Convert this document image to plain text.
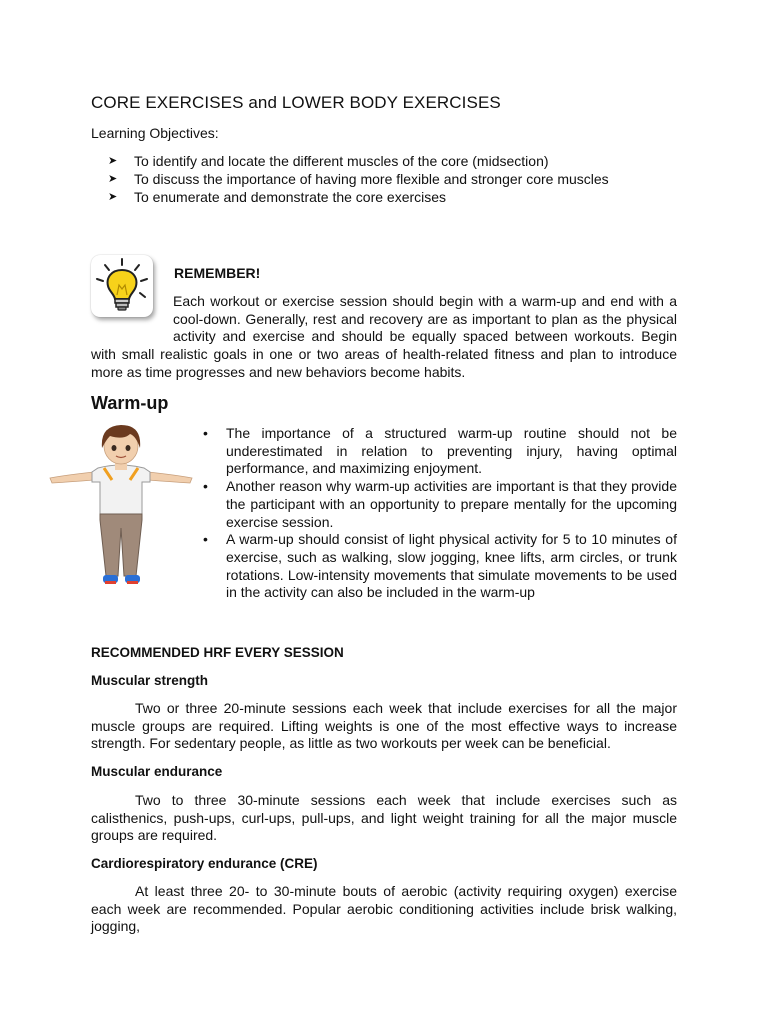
CORE EXERCISES and LOWER BODY EXERCISES
Learning Objectives:
➤	To identify and locate the different muscles of the core (midsection)
➤	To discuss the importance of having more flexible and stronger core muscles
➤	To enumerate and demonstrate the core exercises
REMEMBER!

Each workout or exercise session should begin with a warm-up and end with a cool-down. Generally, rest and recovery are as important to plan as the physical activity and exercise and should be equally spaced between workouts. Begin with small realistic goals in one or two areas of health-related fitness and plan to introduce more as time progresses and new behaviors become habits.

Warm-up
• The importance of a structured warm-up routine should not be underestimated in relation to preventing injury, having optimal performance, and maximizing enjoyment.
• Another reason why warm-up activities are important is that they provide the participant with an opportunity to prepare mentally for the upcoming exercise session.
• A warm-up should consist of light physical activity for 5 to 10 minutes of exercise, such as walking, slow jogging, knee lifts, arm circles, or trunk rotations. Low-intensity movements that simulate movements to be used in the activity can also be included in the warm-up
RECOMMENDED HRF EVERY SESSION
Muscular strength

Two or three 20-minute sessions each week that include exercises for all the major muscle groups are required. Lifting weights is one of the most effective ways to increase strength. For sedentary people, as little as two workouts per week can be beneficial.

Muscular endurance

Two to three 30-minute sessions each week that include exercises such as calisthenics, push-ups, curl-ups, pull-ups, and light weight training for all the major muscle groups are required.

Cardiorespiratory endurance (CRE)

At least three 20- to 30-minute bouts of aerobic (activity requiring oxygen) exercise each week are recommended. Popular aerobic conditioning activities include brisk walking, jogging,
